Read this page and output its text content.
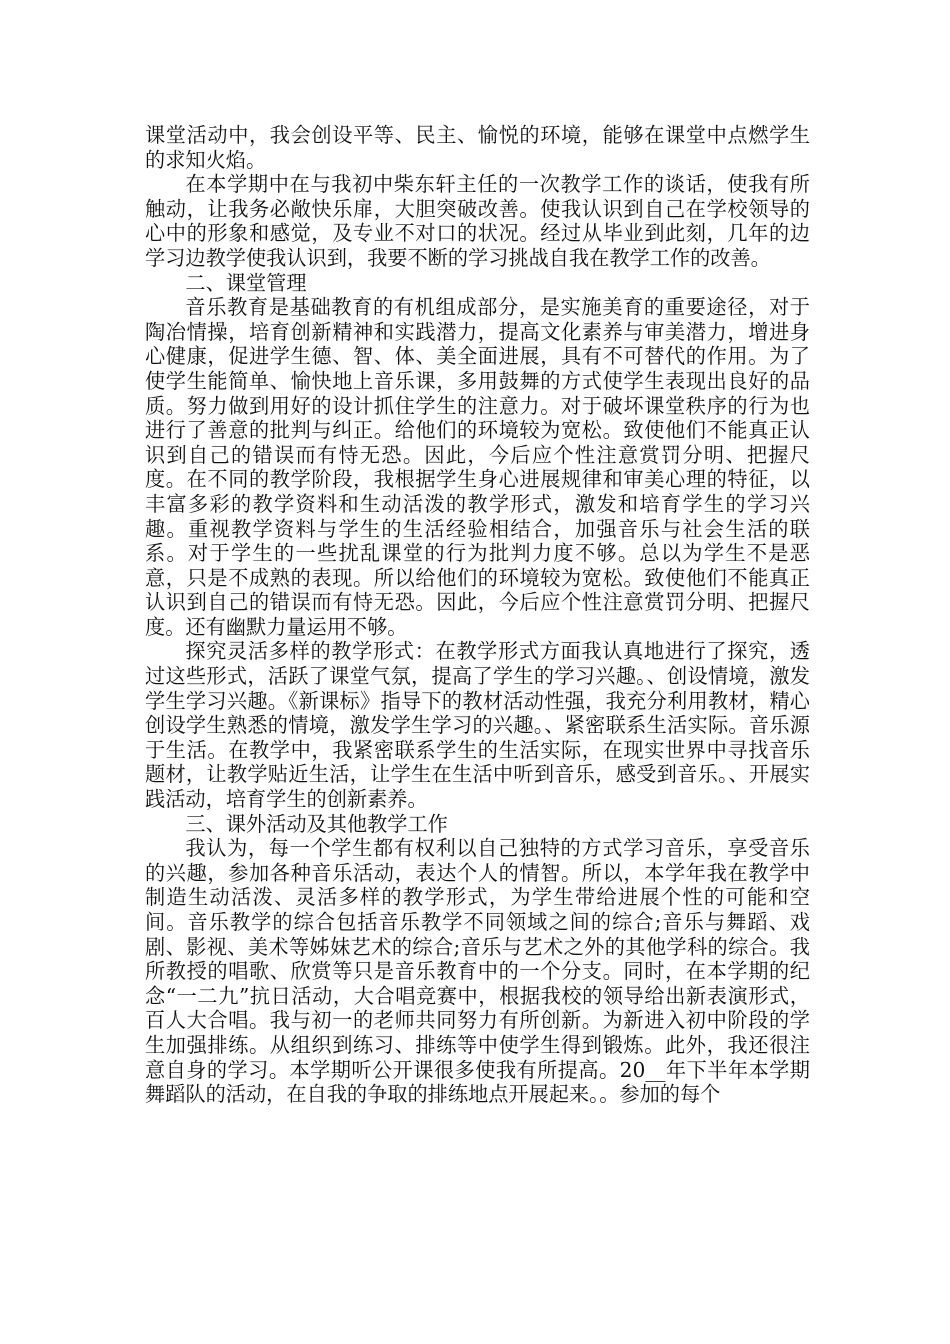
课堂活动中，我会创设平等、民主、愉悦的环境，能够在课堂中点燃学生的求知火焰。

在本学期中在与我初中柴东轩主任的一次教学工作的谈话，使我有所触动，让我务必敞快乐扉，大胆突破改善。使我认识到自己在学校领导的心中的形象和感觉，及专业不对口的状况。经过从毕业到此刻，几年的边学习边教学使我认识到，我要不断的学习挑战自我在教学工作的改善。

二、课堂管理

音乐教育是基础教育的有机组成部分，是实施美育的重要途径，对于陶冶情操，培育创新精神和实践潜力，提高文化素养与审美潜力，增进身心健康，促进学生德、智、体、美全面进展，具有不可替代的作用。为了使学生能简单、愉快地上音乐课，多用鼓舞的方式使学生表现出良好的品质。努力做到用好的设计抓住学生的注意力。对于破坏课堂秩序的行为也进行了善意的批判与纠正。给他们的环境较为宽松。致使他们不能真正认识到自己的错误而有恃无恐。因此，今后应个性注意赏罚分明、把握尺度。在不同的教学阶段，我根据学生身心进展规律和审美心理的特征，以丰富多彩的教学资料和生动活泼的教学形式，激发和培育学生的学习兴趣。重视教学资料与学生的生活经验相结合，加强音乐与社会生活的联系。对于学生的一些扰乱课堂的行为批判力度不够。总以为学生不是恶意，只是不成熟的表现。所以给他们的环境较为宽松。致使他们不能真正认识到自己的错误而有恃无恐。因此，今后应个性注意赏罚分明、把握尺度。还有幽默力量运用不够。

探究灵活多样的教学形式：在教学形式方面我认真地进行了探究，透过这些形式，活跃了课堂气氛，提高了学生的学习兴趣。、创设情境，激发学生学习兴趣。《新课标》指导下的教材活动性强，我充分利用教材，精心创设学生熟悉的情境，激发学生学习的兴趣。、紧密联系生活实际。音乐源于生活。在教学中，我紧密联系学生的生活实际，在现实世界中寻找音乐题材，让教学贴近生活，让学生在生活中听到音乐，感受到音乐。、开展实践活动，培育学生的创新素养。

三、课外活动及其他教学工作

我认为，每一个学生都有权利以自己独特的方式学习音乐，享受音乐的兴趣，参加各种音乐活动，表达个人的情智。所以，本学年我在教学中制造生动活泼、灵活多样的教学形式，为学生带给进展个性的可能和空间。音乐教学的综合包括音乐教学不同领域之间的综合;音乐与舞蹈、戏剧、影视、美术等姊妹艺术的综合;音乐与艺术之外的其他学科的综合。我所教授的唱歌、欣赏等只是音乐教育中的一个分支。同时，在本学期的纪念“一二九”抗日活动，大合唱竞赛中，根据我校的领导给出新表演形式，百人大合唱。我与初一的老师共同努力有所创新。为新进入初中阶段的学生加强排练。从组织到练习、排练等中使学生得到锻炼。此外，我还很注意自身的学习。本学期听公开课很多使我有所提高。20__年下半年本学期舞蹈队的活动，在自我的争取的排练地点开展起来。。参加的每个
